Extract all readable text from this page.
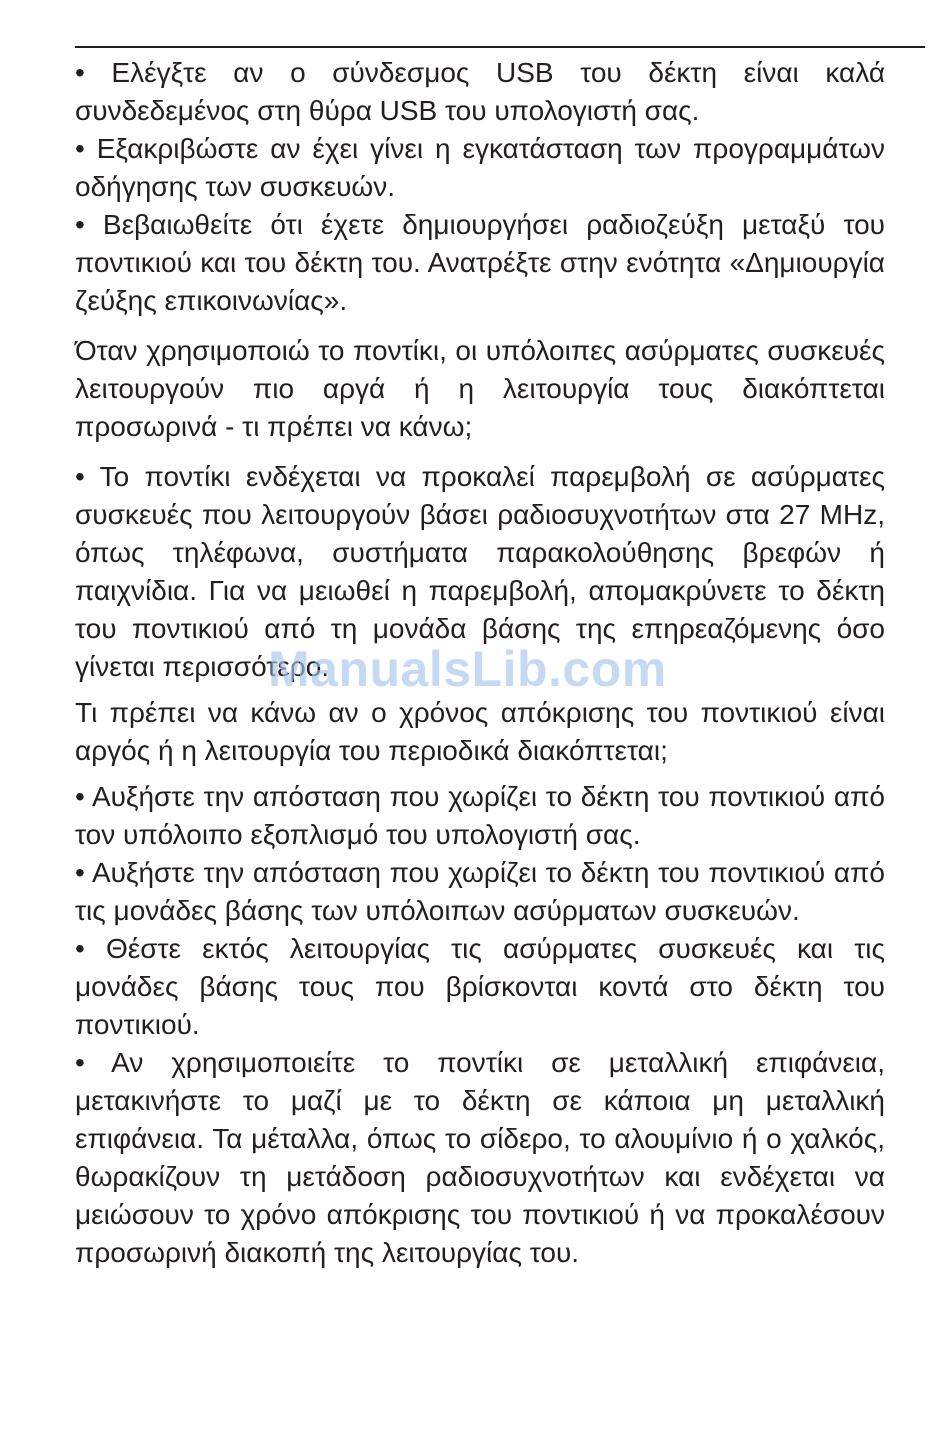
• Ελέγξτε αν ο σύνδεσμος USB του δέκτη είναι καλά συνδεδεμένος στη θύρα USB του υπολογιστή σας.

• Εξακριβώστε αν έχει γίνει η εγκατάσταση των προγραμμάτων οδήγησης των συσκευών.

• Βεβαιωθείτε ότι έχετε δημιουργήσει ραδιοζεύξη μεταξύ του ποντικιού και του δέκτη του. Ανατρέξτε στην ενότητα «Δημιουργία ζεύξης επικοινωνίας».

Όταν χρησιμοποιώ το ποντίκι, οι υπόλοιπες ασύρματες συσκευές λειτουργούν πιο αργά ή η λειτουργία τους διακόπτεται προσωρινά - τι πρέπει να κάνω;

• Το ποντίκι ενδέχεται να προκαλεί παρεμβολή σε ασύρματες συσκευές που λειτουργούν βάσει ραδιοσυχνοτήτων στα 27 MHz, όπως τηλέφωνα, συστήματα παρακολούθησης βρεφών ή παιχνίδια. Για να μειωθεί η παρεμβολή, απομακρύνετε το δέκτη του ποντικιού από τη μονάδα βάσης της επηρεαζόμενης όσο γίνεται περισσότερο.

Τι πρέπει να κάνω αν ο χρόνος απόκρισης του ποντικιού είναι αργός ή η λειτουργία του περιοδικά διακόπτεται;

• Αυξήστε την απόσταση που χωρίζει το δέκτη του ποντικιού από τον υπόλοιπο εξοπλισμό του υπολογιστή σας.

• Αυξήστε την απόσταση που χωρίζει το δέκτη του ποντικιού από τις μονάδες βάσης των υπόλοιπων ασύρματων συσκευών.

• Θέστε εκτός λειτουργίας τις ασύρματες συσκευές και τις μονάδες βάσης τους που βρίσκονται κοντά στο δέκτη του ποντικιού.

• Αν χρησιμοποιείτε το ποντίκι σε μεταλλική επιφάνεια, μετακινήστε το μαζί με το δέκτη σε κάποια μη μεταλλική επιφάνεια. Τα μέταλλα, όπως το σίδερο, το αλουμίνιο ή ο χαλκός, θωρακίζουν τη μετάδοση ραδιοσυχνοτήτων και ενδέχεται να μειώσουν το χρόνο απόκρισης του ποντικιού ή να προκαλέσουν προσωρινή διακοπή της λειτουργίας του.

ManualsLib.com
